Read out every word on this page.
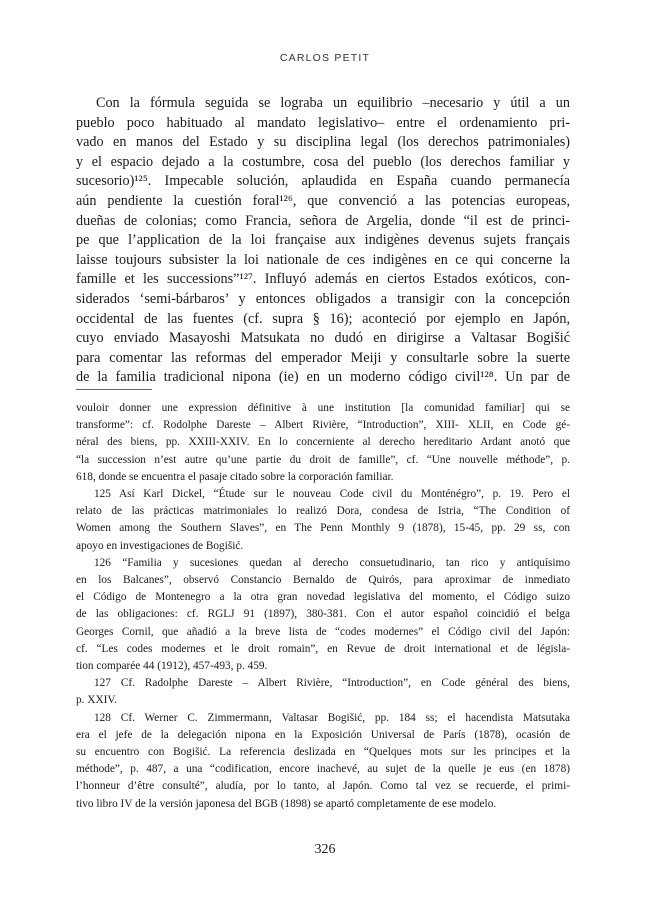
CARLOS PETIT

Con la fórmula seguida se lograba un equilibrio –necesario y útil a un
pueblo poco habituado al mandato legislativo– entre el ordenamiento pri-
vado en manos del Estado y su disciplina legal (los derechos patrimoniales)
y el espacio dejado a la costumbre, cosa del pueblo (los derechos familiar y
sucesorio)¹²⁵. Impecable solución, aplaudida en España cuando permanecía
aún pendiente la cuestión foral¹²⁶, que convenció a las potencias europeas,
dueñas de colonias; como Francia, señora de Argelia, donde “il est de princi-
pe que l’application de la loi française aux indigènes devenus sujets français
laisse toujours subsister la loi nationale de ces indigènes en ce qui concerne la
famille et les successions”¹²⁷. Influyó además en ciertos Estados exóticos, con-
siderados ‘semi-bárbaros’ y entonces obligados a transigir con la concepción
occidental de las fuentes (cf. supra § 16); aconteció por ejemplo en Japón,
cuyo enviado Masayoshi Matsukata no dudó en dirigirse a Valtasar Bogišić
para comentar las reformas del emperador Meiji y consultarle sobre la suerte
de la familia tradicional nipona (ie) en un moderno código civil¹²⁸. Un par de

vouloir donner une expression définitive à une institution [la comunidad familiar] qui se
transforme”: cf. Rodolphe Dareste – Albert Rivière, “Introduction”, XIII- XLII, en Code gé-
néral des biens, pp. XXIII-XXIV. En lo concerniente al derecho hereditario Ardant anotó que
“la succession n’est autre qu’une partie du droit de famille”, cf. “Une nouvelle méthode”, p.
618, donde se encuentra el pasaje citado sobre la corporación familiar.
125 Así Karl Dickel, “Étude sur le nouveau Code civil du Monténégro”, p. 19. Pero el
relato de las prácticas matrimoniales lo realizó Dora, condesa de Istria, “The Condition of
Women among the Southern Slaves”, en The Penn Monthly 9 (1878), 15-45, pp. 29 ss, con
apoyo en investigaciones de Bogišić.
126 “Familia y sucesiones quedan al derecho consuetudinario, tan rico y antiquísimo
en los Balcanes”, observó Constancio Bernaldo de Quirós, para aproximar de inmediato
el Código de Montenegro a la otra gran novedad legislativa del momento, el Código suizo
de las obligaciones: cf. RGLJ 91 (1897), 380-381. Con el autor español coincidió el belga
Georges Cornil, que añadió a la breve lista de “codes modernes” el Código civil del Japón:
cf. “Les codes modernes et le droit romain”, en Revue de droit international et de législa-
tion comparée 44 (1912), 457-493, p. 459.
127 Cf. Radolphe Dareste – Albert Rivière, “Introduction”, en Code général des biens,
p. XXIV.
128 Cf. Werner C. Zimmermann, Valtasar Bogišić, pp. 184 ss; el hacendista Matsutaka
era el jefe de la delegación nipona en la Exposición Universal de París (1878), ocasión de
su encuentro con Bogišić. La referencia deslizada en “Quelques mots sur les principes et la
méthode”, p. 487, a una “codification, encore inachevé, au sujet de la quelle je eus (en 1878)
l’honneur d’être consulté”, aludía, por lo tanto, al Japón. Como tal vez se recuerde, el primi-
tivo libro IV de la versión japonesa del BGB (1898) se apartó completamente de ese modelo.
326
